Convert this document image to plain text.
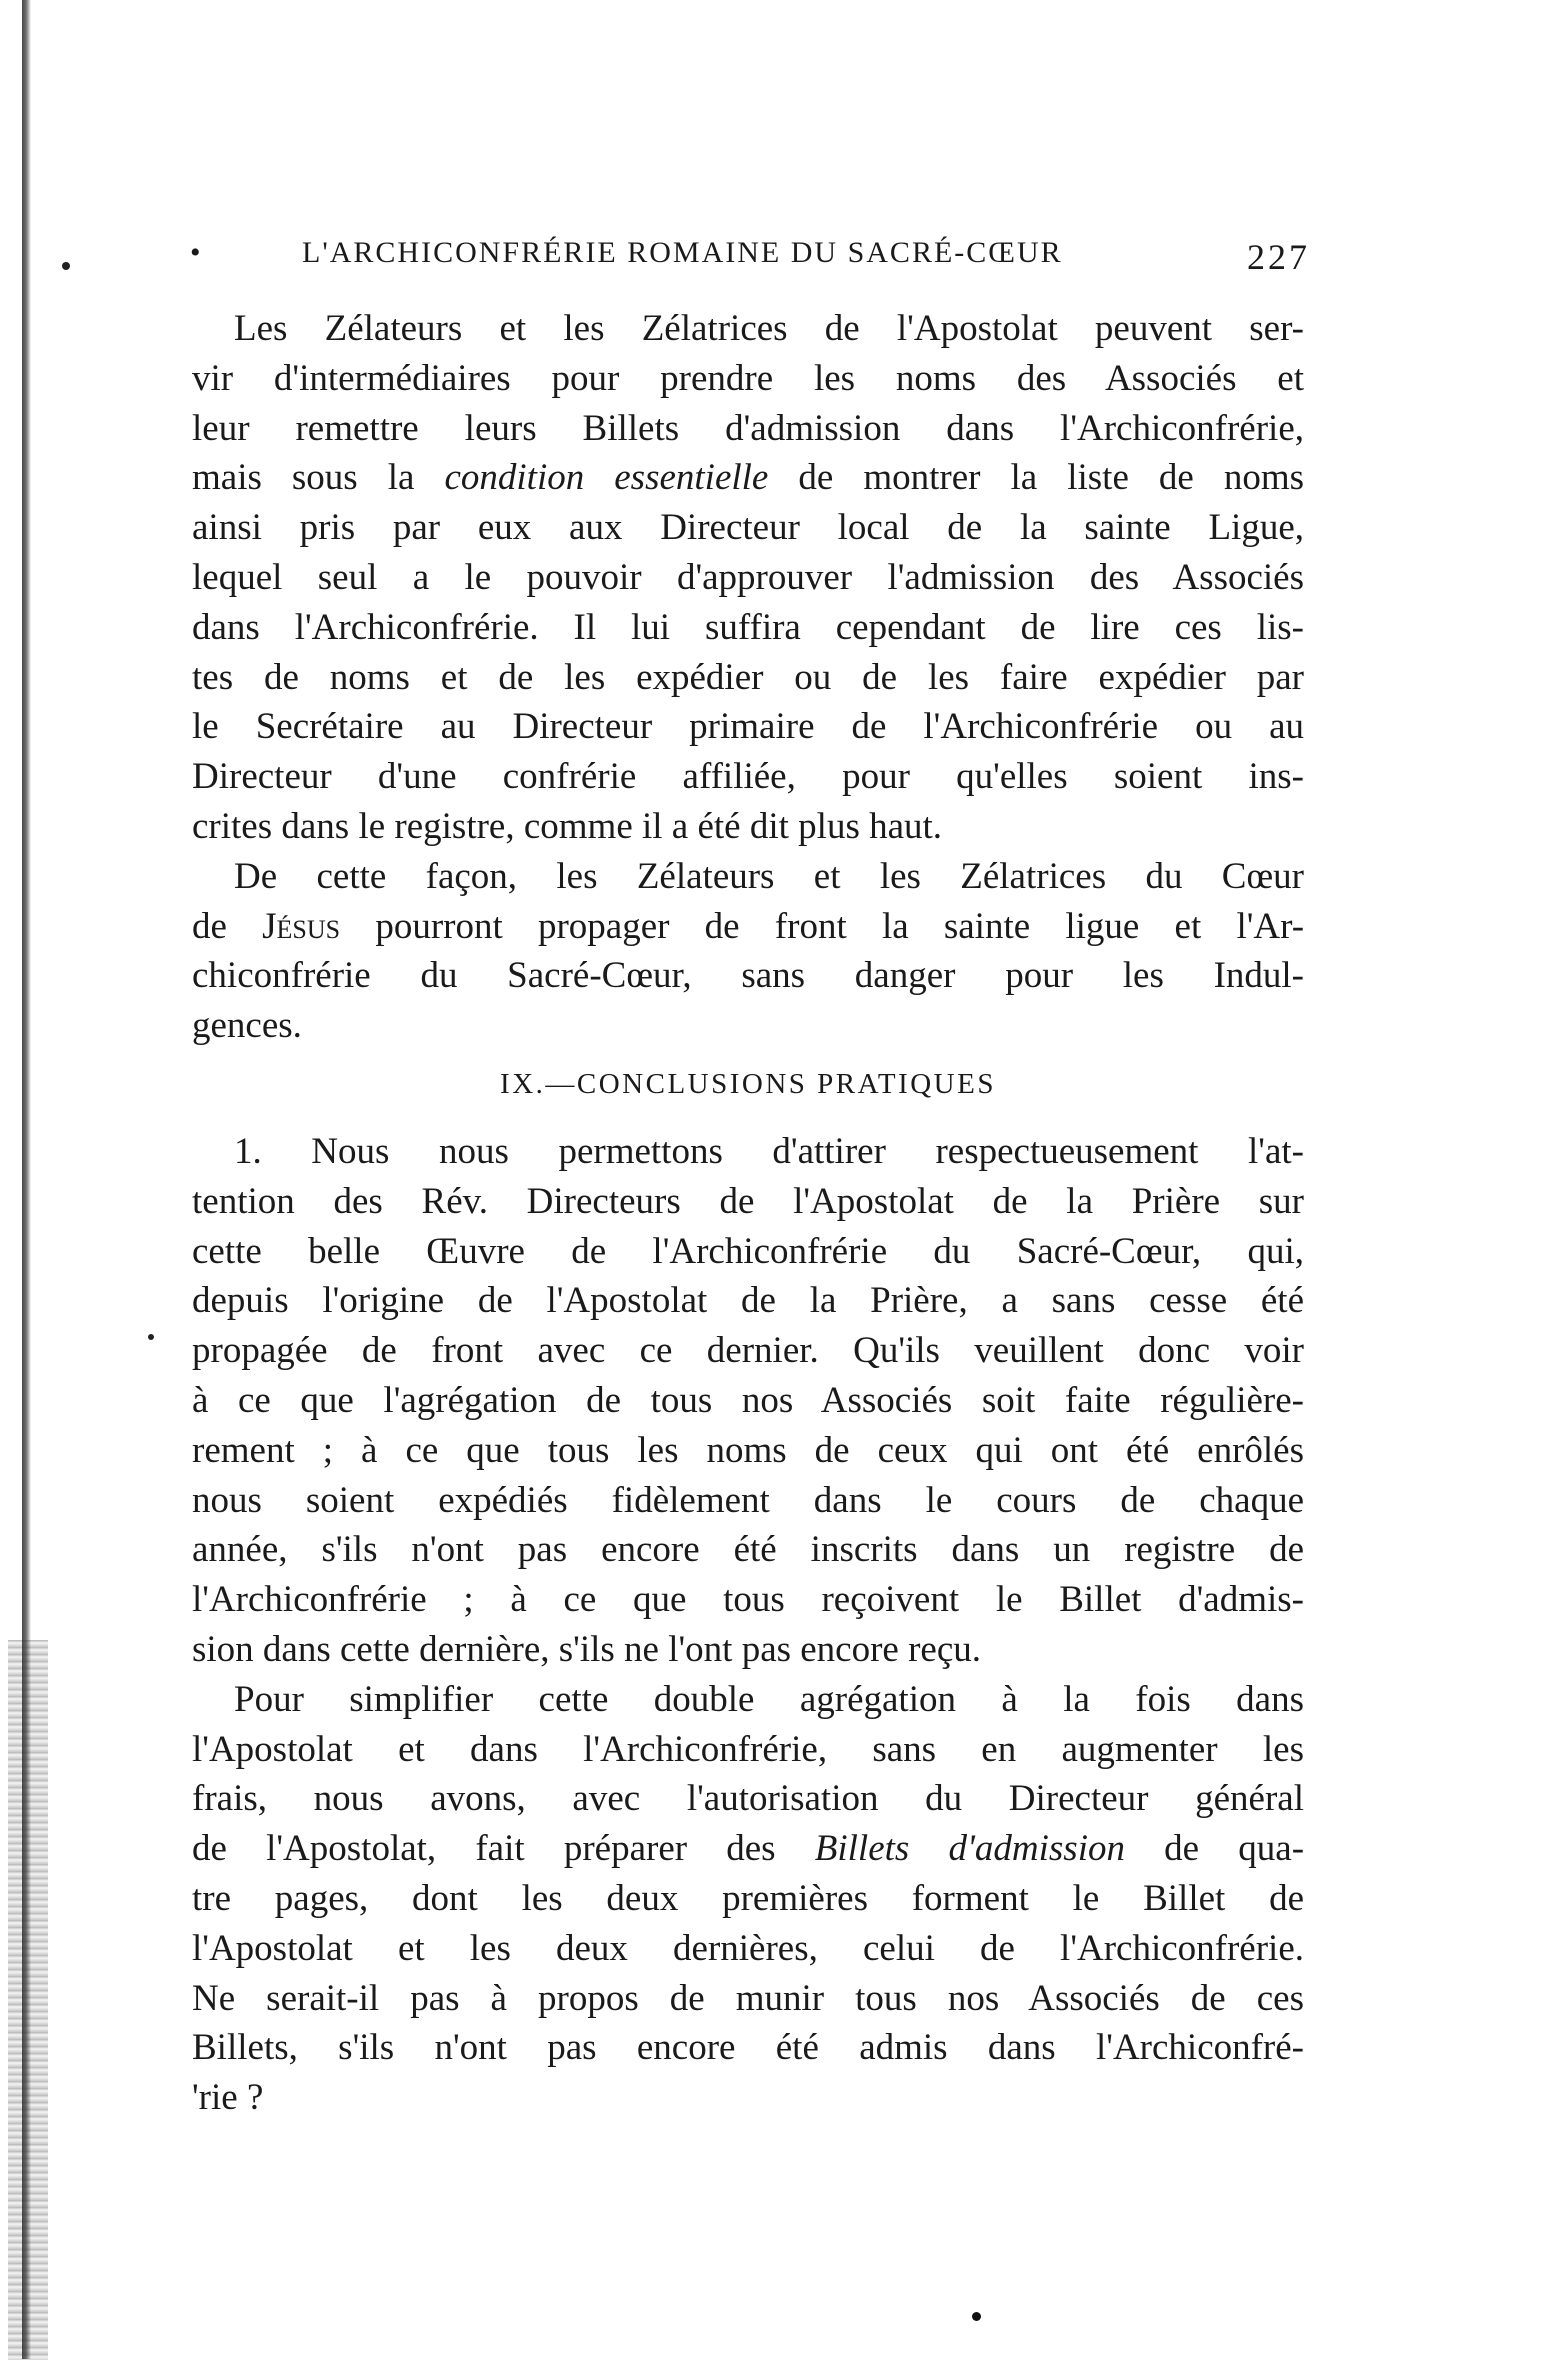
•	L'ARCHICONFRÉRIE ROMAINE DU SACRÉ-CŒUR	227
Les Zélateurs et les Zélatrices de l'Apostolat peuvent ser-
vir d'intermédiaires pour prendre les noms des Associés et
leur remettre leurs Billets d'admission dans l'Archiconfrérie,
mais sous la condition essentielle de montrer la liste de noms
ainsi pris par eux aux Directeur local de la sainte Ligue,
lequel seul a le pouvoir d'approuver l'admission des Associés
dans l'Archiconfrérie. Il lui suffira cependant de lire ces lis-
tes de noms et de les expédier ou de les faire expédier par
le Secrétaire au Directeur primaire de l'Archiconfrérie ou au
Directeur d'une confrérie affiliée, pour qu'elles soient ins-
crites dans le registre, comme il a été dit plus haut.
De cette façon, les Zélateurs et les Zélatrices du Cœur
de Jésus pourront propager de front la sainte ligue et l'Ar-
chiconfrérie du Sacré-Cœur, sans danger pour les Indul-
gences.
IX.—CONCLUSIONS PRATIQUES
1. Nous nous permettons d'attirer respectueusement l'at-
tention des Rév. Directeurs de l'Apostolat de la Prière sur
cette belle Œuvre de l'Archiconfrérie du Sacré-Cœur, qui,
depuis l'origine de l'Apostolat de la Prière, a sans cesse été
propagée de front avec ce dernier. Qu'ils veuillent donc voir
à ce que l'agrégation de tous nos Associés soit faite régulière-
rement ; à ce que tous les noms de ceux qui ont été enrôlés
nous soient expédiés fidèlement dans le cours de chaque
année, s'ils n'ont pas encore été inscrits dans un registre de
l'Archiconfrérie ; à ce que tous reçoivent le Billet d'admis-
sion dans cette dernière, s'ils ne l'ont pas encore reçu.
Pour simplifier cette double agrégation à la fois dans
l'Apostolat et dans l'Archiconfrérie, sans en augmenter les
frais, nous avons, avec l'autorisation du Directeur général
de l'Apostolat, fait préparer des Billets d'admission de qua-
tre pages, dont les deux premières forment le Billet de
l'Apostolat et les deux dernières, celui de l'Archiconfrérie.
Ne serait-il pas à propos de munir tous nos Associés de ces
Billets, s'ils n'ont pas encore été admis dans l'Archiconfré-
'rie ?
